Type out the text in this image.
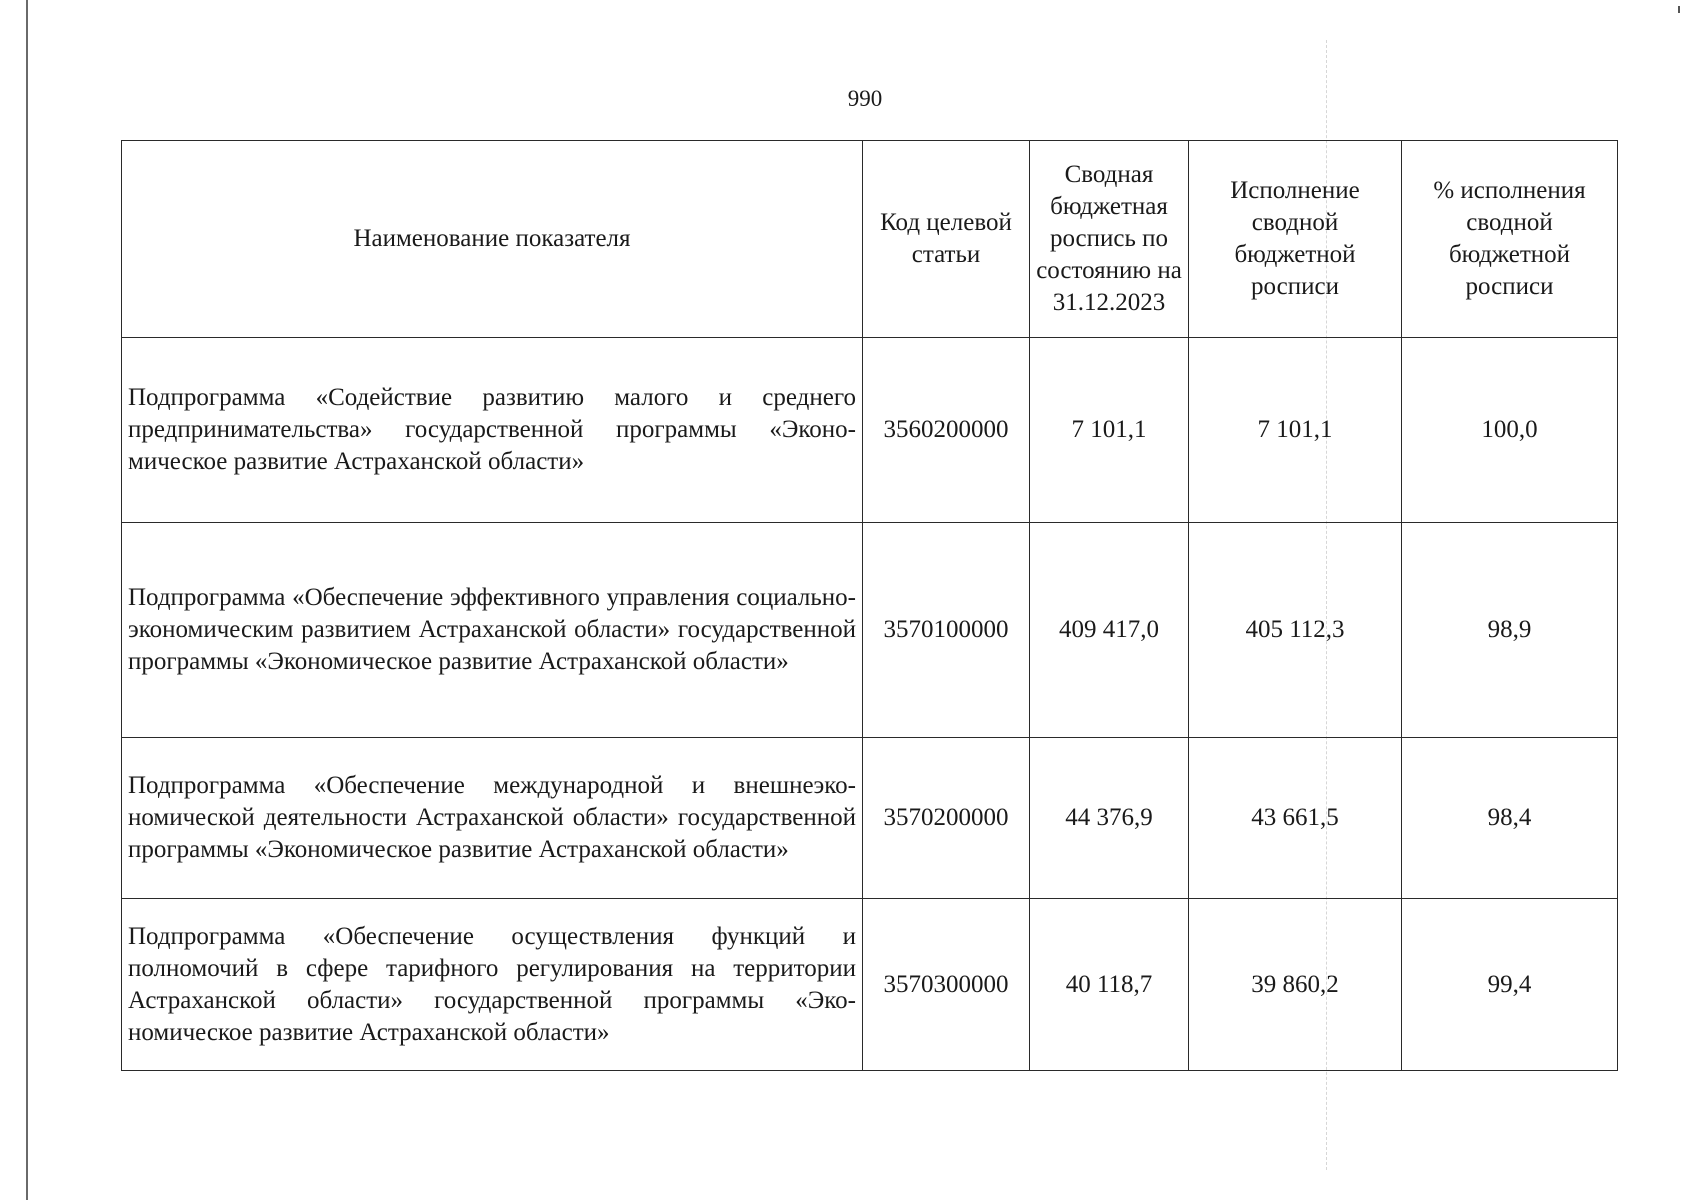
990
Наименование показателя	Код целевой статьи	Сводная бюджетная роспись по состоянию на 31.12.2023	Исполнение сводной бюджетной росписи	% исполнения сводной бюджетной росписи
Подпрограмма «Содействие развитию малого и среднего предпринимательства» государственной программы «Экономическое развитие Астраханской области»	3560200000	7 101,1	7 101,1	100,0
Подпрограмма «Обеспечение эффективного управления социально-экономическим развитием Астраханской области» государственной программы «Экономическое развитие Астраханской области»	3570100000	409 417,0	405 112,3	98,9
Подпрограмма «Обеспечение международной и внешнеэкономической деятельности Астраханской области» государственной программы «Экономическое развитие Астраханской области»	3570200000	44 376,9	43 661,5	98,4
Подпрограмма «Обеспечение осуществления функций и полномочий в сфере тарифного регулирования на территории Астраханской области» государственной программы «Экономическое развитие Астраханской области»	3570300000	40 118,7	39 860,2	99,4
